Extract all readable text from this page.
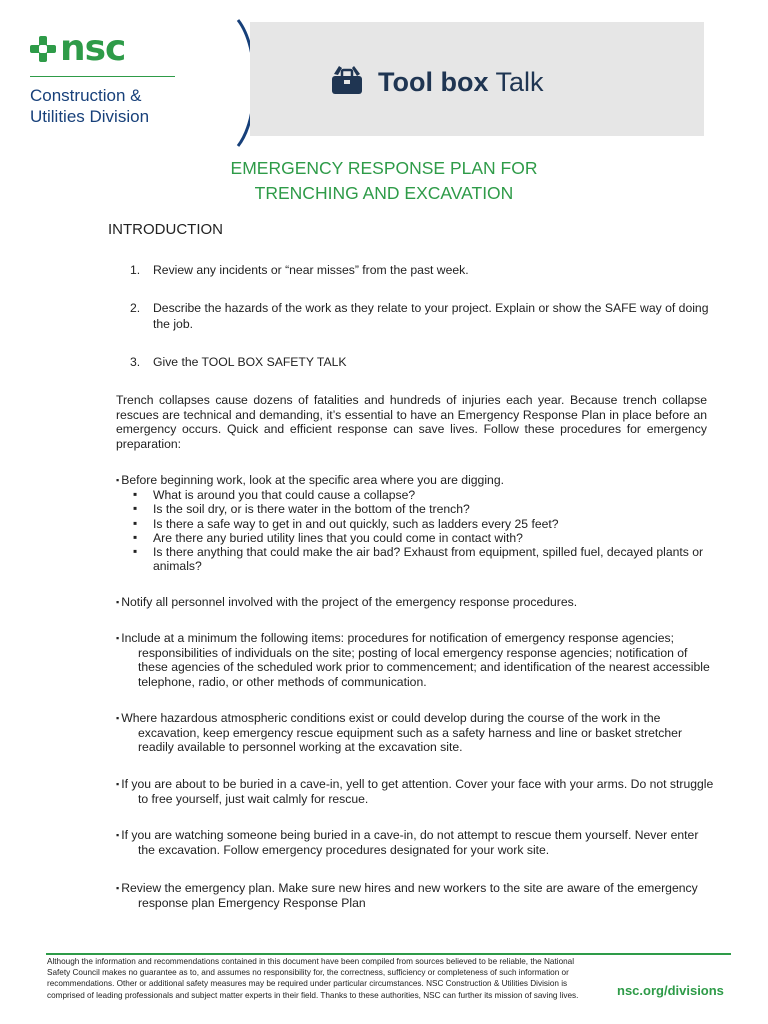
nsc
Construction &
Utilities Division
Tool box Talk
EMERGENCY RESPONSE PLAN FOR
TRENCHING AND EXCAVATION
INTRODUCTION
1. Review any incidents or “near misses” from the past week.
2. Describe the hazards of the work as they relate to your project. Explain or show the SAFE way of doing the job.
3. Give the TOOL BOX SAFETY TALK
Trench collapses cause dozens of fatalities and hundreds of injuries each year. Because trench collapse rescues are technical and demanding, it’s essential to have an Emergency Response Plan in place before an emergency occurs. Quick and efficient response can save lives. Follow these procedures for emergency preparation:
▪ Before beginning work, look at the specific area where you are digging.
▪ What is around you that could cause a collapse?
▪ Is the soil dry, or is there water in the bottom of the trench?
▪ Is there a safe way to get in and out quickly, such as ladders every 25 feet?
▪ Are there any buried utility lines that you could come in contact with?
▪ Is there anything that could make the air bad? Exhaust from equipment, spilled fuel, decayed plants or animals?
▪ Notify all personnel involved with the project of the emergency response procedures.
▪ Include at a minimum the following items: procedures for notification of emergency response agencies; responsibilities of individuals on the site; posting of local emergency response agencies; notification of these agencies of the scheduled work prior to commencement; and identification of the nearest accessible telephone, radio, or other methods of communication.
▪ Where hazardous atmospheric conditions exist or could develop during the course of the work in the excavation, keep emergency rescue equipment such as a safety harness and line or basket stretcher readily available to personnel working at the excavation site.
▪ If you are about to be buried in a cave-in, yell to get attention. Cover your face with your arms. Do not struggle to free yourself, just wait calmly for rescue.
▪ If you are watching someone being buried in a cave-in, do not attempt to rescue them yourself. Never enter the excavation. Follow emergency procedures designated for your work site.
▪ Review the emergency plan. Make sure new hires and new workers to the site are aware of the emergency response plan Emergency Response Plan
Although the information and recommendations contained in this document have been compiled from sources believed to be reliable, the National Safety Council makes no guarantee as to, and assumes no responsibility for, the correctness, sufficiency or completeness of such information or recommendations. Other or additional safety measures may be required under particular circumstances. NSC Construction & Utilities Division is comprised of leading professionals and subject matter experts in their field. Thanks to these authorities, NSC can further its mission of saving lives.	nsc.org/divisions
